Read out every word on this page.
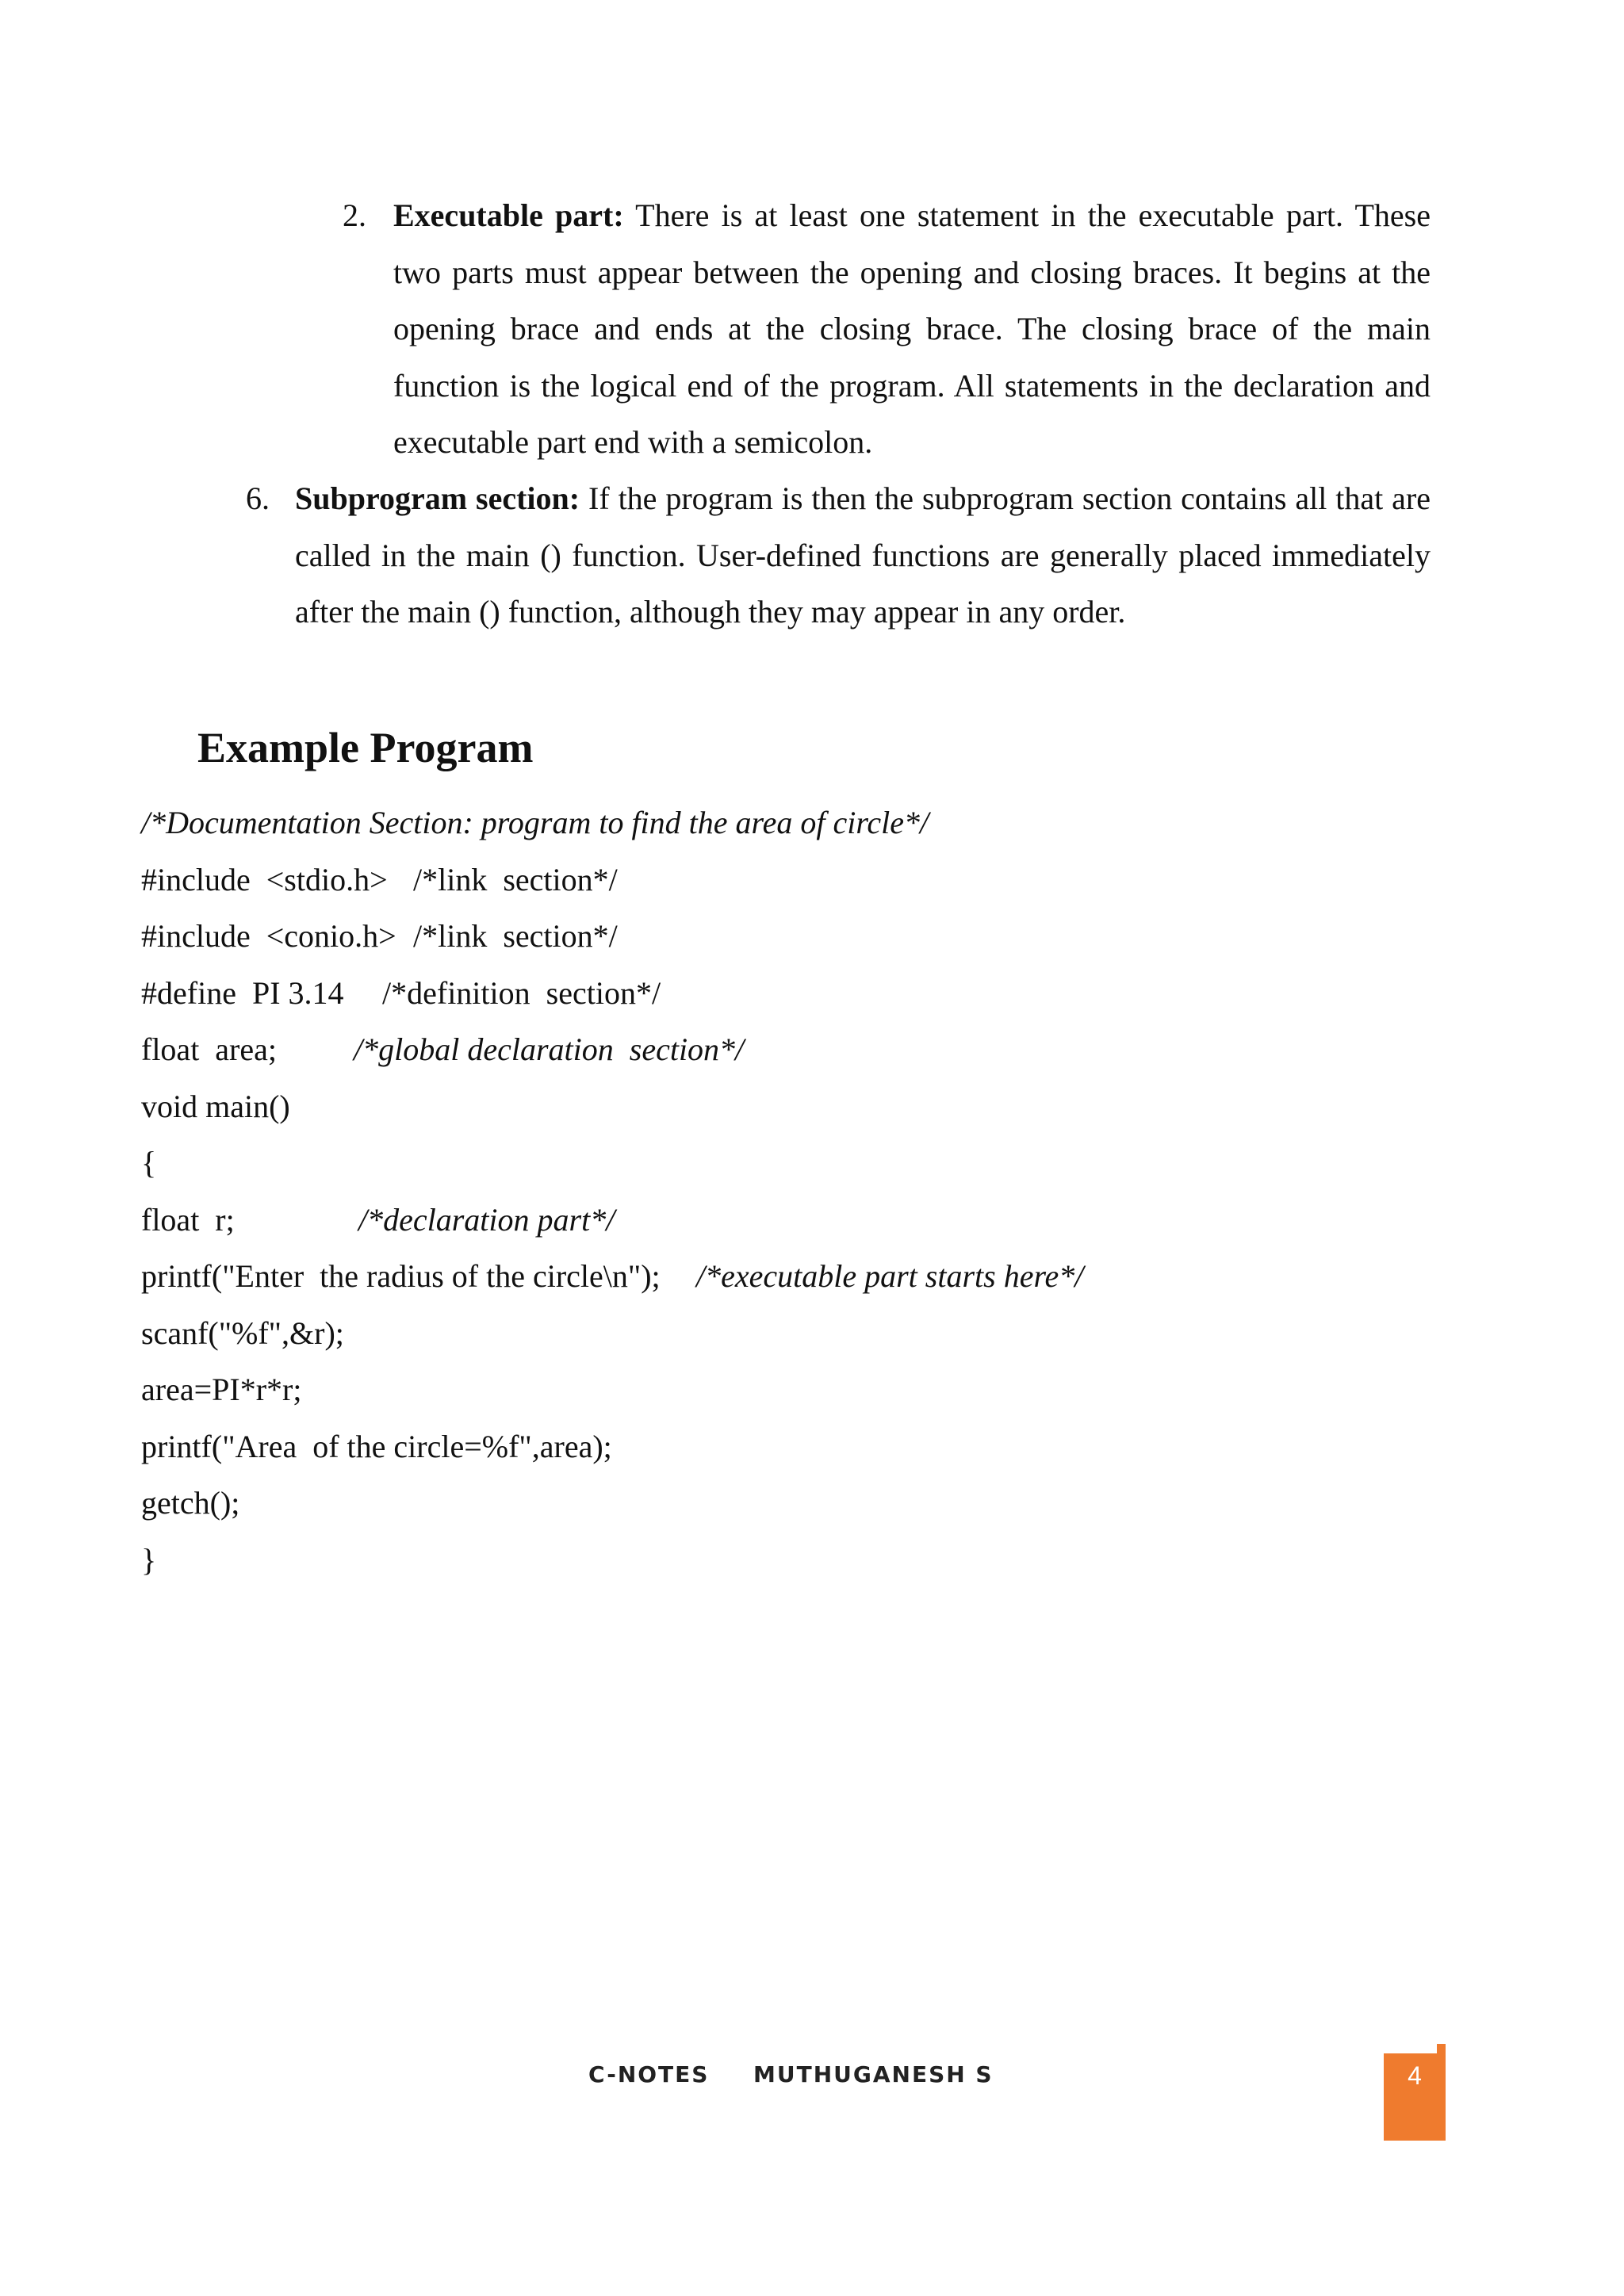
2. Executable part: There is at least one statement in the executable part. These two parts must appear between the opening and closing braces. It begins at the opening brace and ends at the closing brace. The closing brace of the main function is the logical end of the program. All statements in the declaration and executable part end with a semicolon.
6. Subprogram section: If the program is then the subprogram section contains all that are called in the main () function. User-defined functions are generally placed immediately after the main () function, although they may appear in any order.
Example Program

/*Documentation Section: program to find the area of circle*/

#include  <stdio.h>

/*link  section*/

#include  <conio.h>

/*link  section*/

#define  PI 3.14

/*definition  section*/

float  area;

/*global declaration  section*/

void main()

{

float  r;

	/*declaration part*/

printf("Enter  the radius of the circle\n");

/*executable part starts here*/

scanf("%f",&r);

area=PI*r*r;

printf("Area  of the circle=%f",area);

getch();

}

C-NOTES MUTHUGANESH S	4
